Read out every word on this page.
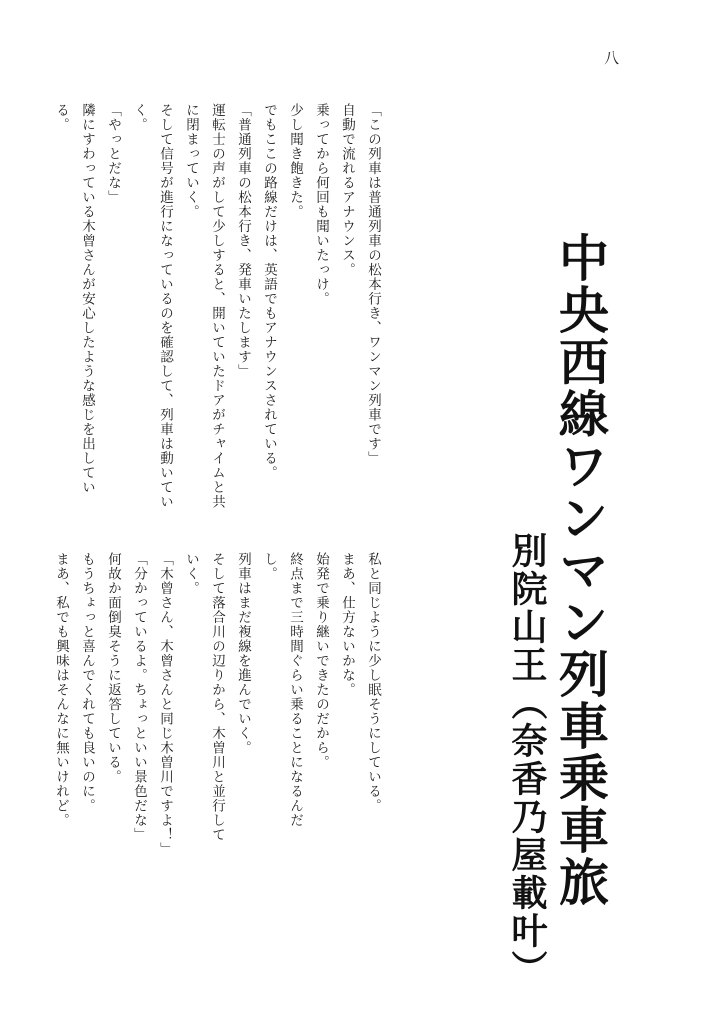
八
中央西線ワンマン列車乗車旅
別院山王（奈香乃屋載叶）

「この列車は普通列車の松本行き、ワンマン列車です」

自動で流れるアナウンス。

乗ってから何回も聞いたっけ。

少し聞き飽きた。

でもここの路線だけは、英語でもアナウンスされている。

「普通列車の松本行き、発車いたします」

運転士の声がして少しすると、開いていたドアがチャイムと共に閉まっていく。

そして信号が進行になっているのを確認して、列車は動いていく。

「やっとだな」

隣にすわっている木曾さんが安心したような感じを出している。

私と同じように少し眠そうにしている。

まあ、仕方ないかな。

始発で乗り継いできたのだから。

終点まで三時間ぐらい乗ることになるんだし。

列車はまだ複線を進んでいく。

そして落合川の辺りから、木曽川と並行していく。

「木曾さん、木曾さんと同じ木曽川ですよ！」

「分かっているよ。ちょっといい景色だな」

何故か面倒臭そうに返答している。

もうちょっと喜んでくれても良いのに。

まあ、私でも興味はそんなに無いけれど。
